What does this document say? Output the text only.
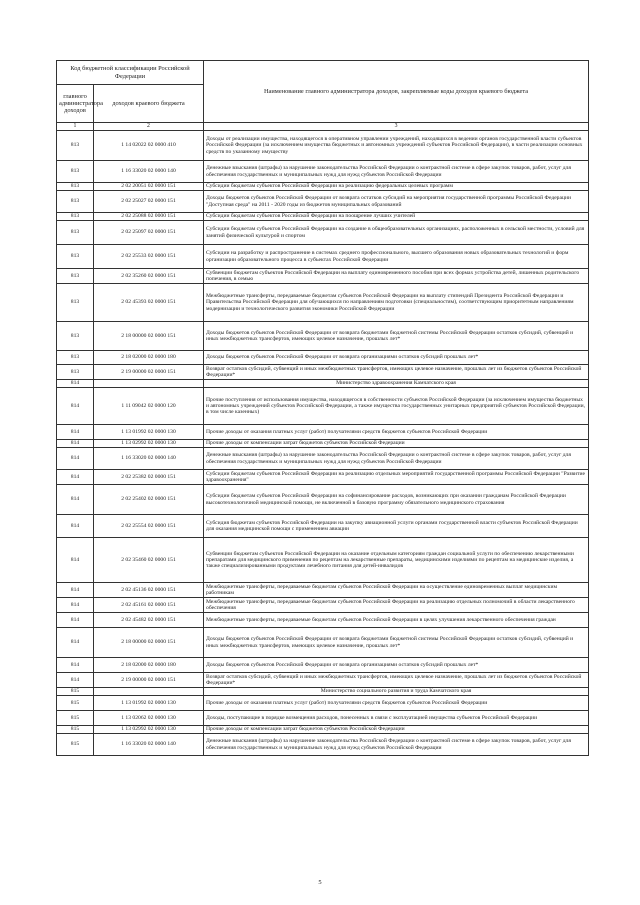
Код бюджетной классификации Российской Федерации		Наименование главного администратора доходов, закрепляемые коды доходов краевого бюджета
главного администратора доходов	доходов краевого бюджета	
1	2	3
813	1 14 02022 02 0000 410	Доходы от реализации имущества, находящегося в оперативном управлении учреждений, находящихся в ведении органов государственной власти субъектов Российской Федерации (за исключением имущества бюджетных и автономных учреждений субъектов Российской Федерации), в части реализации основных средств по указанному имуществу
813	1 16 33020 02 0000 140	Денежные взыскания (штрафы) за нарушение законодательства Российской Федерации о контрактной системе в сфере закупок товаров, работ, услуг для обеспечения государственных и муниципальных нужд для нужд субъектов Российской Федерации
813	2 02 20051 02 0000 151	Субсидии бюджетам субъектов Российской Федерации на реализацию федеральных целевых программ
813	2 02 25027 02 0000 151	Доходы бюджетов субъектов Российской Федерации от возврата остатков субсидий на мероприятия государственной программы Российской Федерации "Доступная среда" на 2011 - 2020 годы из бюджетов муниципальных образований
813	2 02 25088 02 0000 151	Субсидии бюджетам субъектов Российской Федерации на поощрение лучших учителей
813	2 02 25097 02 0000 151	Субсидии бюджетам субъектов Российской Федерации на создание в общеобразовательных организациях, расположенных в сельской местности, условий для занятий физической культурой и спортом
813	2 02 25533 02 0000 151	Субсидии на разработку и распространение в системах среднего профессионального, высшего образования новых образовательных технологий и форм организации образовательного процесса в субъектах Российской Федерации
813	2 02 35260 02 0000 151	Субвенции бюджетам субъектов Российской Федерации на выплату единовременного пособия при всех формах устройства детей, лишенных родительского попечения, в семью
813	2 02 45393 02 0000 151	Межбюджетные трансферты, передаваемые бюджетам субъектов Российской Федерации на выплату стипендий Президента Российской Федерации и Правительства Российской Федерации для обучающихся по направлениям подготовки (специальностям), соответствующим приоритетным направлениям модернизации и технологического развития экономики Российской Федерации
813	2 18 00000 02 0000 151	Доходы бюджетов субъектов Российской Федерации от возврата бюджетами бюджетной системы Российской Федерации остатков субсидий, субвенций и иных межбюджетных трансфертов, имеющих целевое назначение, прошлых лет*
813	2 18 02000 02 0000 180	Доходы бюджетов субъектов Российской Федерации от возврата организациями остатков субсидий прошлых лет*
813	2 19 00000 02 0000 151	Возврат остатков субсидий, субвенций и иных межбюджетных трансфертов, имеющих целевое назначение, прошлых лет из бюджетов субъектов Российской Федерации*
814		Министерство здравоохранения Камчатского края
814	1 11 09042 02 0000 120	Прочие поступления от использования имущества, находящегося в собственности субъектов Российской Федерации (за исключением имущества бюджетных и автономных учреждений субъектов Российской Федерации, а также имущества государственных унитарных предприятий субъектов Российской Федерации, в том числе казенных)
814	1 13 01992 02 0000 130	Прочие доходы от оказания платных услуг (работ) получателями средств бюджетов субъектов Российской Федерации
814	1 13 02992 02 0000 130	Прочие доходы от компенсации затрат бюджетов субъектов Российской Федерации
814	1 16 33020 02 0000 140	Денежные взыскания (штрафы) за нарушение законодательства Российской Федерации о контрактной системе в сфере закупок товаров, работ, услуг для обеспечения государственных и муниципальных нужд для нужд субъектов Российской Федерации
814	2 02 25382 02 0000 151	Субсидии бюджетам субъектов Российской Федерации на реализацию отдельных мероприятий государственной программы Российской Федерации "Развитие здравоохранения"
814	2 02 25402 02 0000 151	Субсидии бюджетам субъектов Российской Федерации на софинансирование расходов, возникающих при оказании гражданам Российской Федерации высокотехнологичной медицинской помощи, не включенной в базовую программу обязательного медицинского страхования
814	2 02 25554 02 0000 151	Субсидия бюджетам субъектов Российской Федерации на закупку авиационной услуги органами государственной власти субъектов Российской Федерации для оказания медицинской помощи с применением авиации
814	2 02 35460 02 0000 151	Субвенции бюджетам субъектов Российской Федерации на оказание отдельным категориям граждан социальной услуги по обеспечению лекарственными препаратами для медицинского применения по рецептам на лекарственные препараты, медицинскими изделиями по рецептам на медицинские изделия, а также специализированными продуктами лечебного питания для детей-инвалидов
814	2 02 45136 02 0000 151	Межбюджетные трансферты, передаваемые бюджетам субъектов Российской Федерации на осуществление единовременных выплат медицинским работникам
814	2 02 45161 02 0000 151	Межбюджетные трансферты, передаваемые бюджетам субъектов Российской Федерации на реализацию отдельных полномочий в области лекарственного обеспечения
814	2 02 45482 02 0000 151	Межбюджетные трансферты, передаваемые бюджетам субъектов Российской Федерации в целях улучшения лекарственного обеспечения граждан
814	2 18 00000 02 0000 151	Доходы бюджетов субъектов Российской Федерации от возврата бюджетами бюджетной системы Российской Федерации остатков субсидий, субвенций и иных межбюджетных трансфертов, имеющих целевое назначение, прошлых лет*
814	2 18 02000 02 0000 180	Доходы бюджетов субъектов Российской Федерации от возврата организациями остатков субсидий прошлых лет*
814	2 19 00000 02 0000 151	Возврат остатков субсидий, субвенций и иных межбюджетных трансфертов, имеющих целевое назначение, прошлых лет из бюджетов субъектов Российской Федерации*
815		Министерство социального развития и труда Камчатского края
815	1 13 01992 02 0000 130	Прочие доходы от оказания платных услуг (работ) получателями средств бюджетов субъектов Российской Федерации
815	1 13 02062 02 0000 130	Доходы, поступающие в порядке возмещения расходов, понесенных в связи с эксплуатацией имущества субъектов Российской Федерации
815	1 13 02992 02 0000 130	Прочие доходы от компенсации затрат бюджетов субъектов Российской Федерации
815	1 16 33020 02 0000 140	Денежные взыскания (штрафы) за нарушение законодательства Российской Федерации о контрактной системе в сфере закупок товаров, работ, услуг для обеспечения государственных и муниципальных нужд для нужд субъектов Российской Федерации
5
